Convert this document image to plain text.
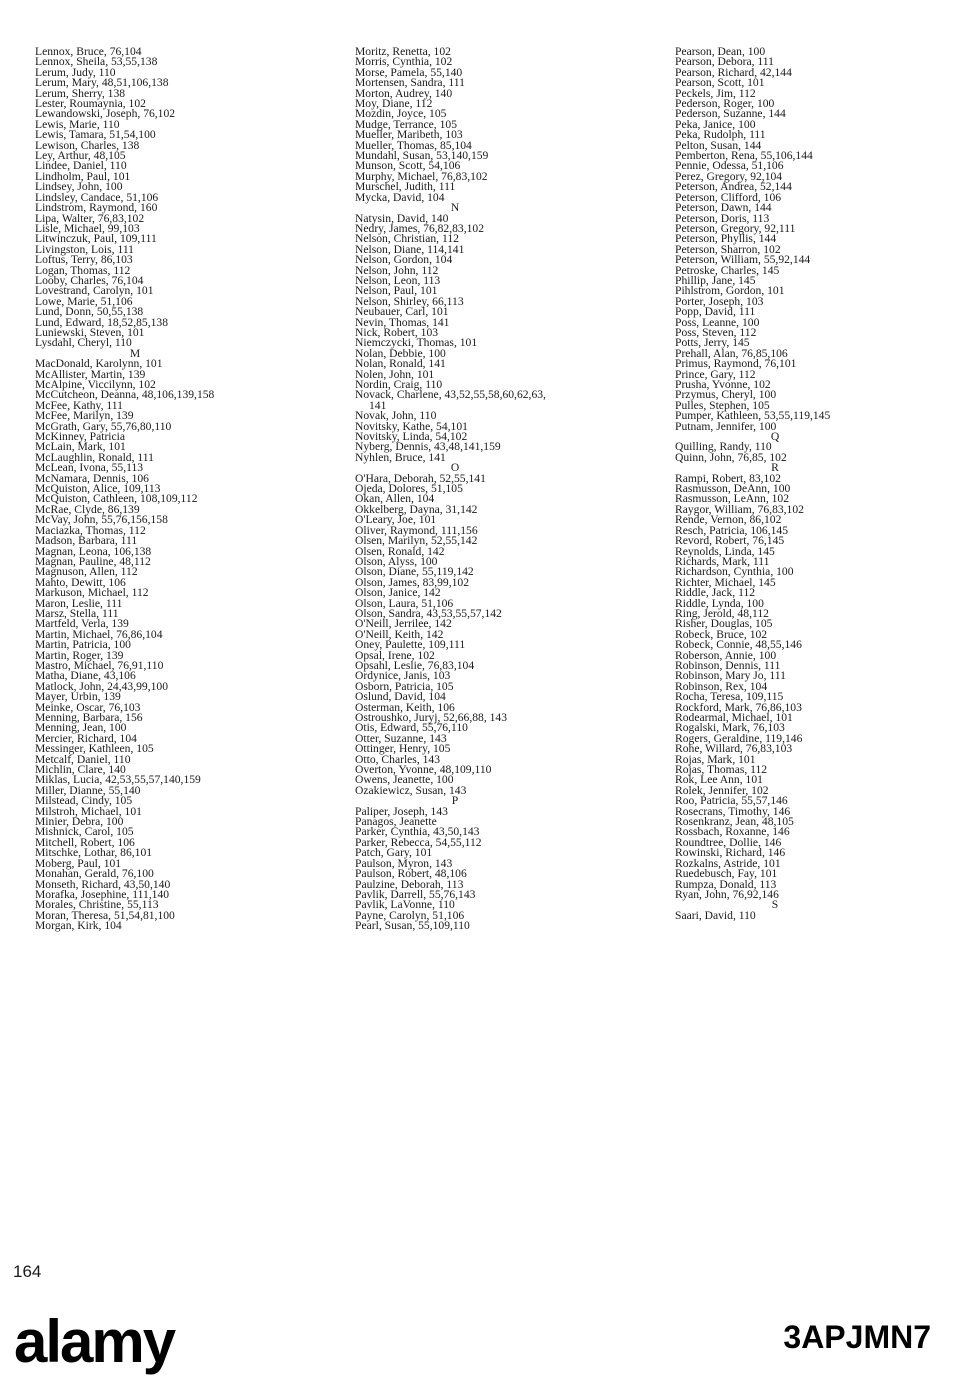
Lennox, Bruce, 76,104
Lennox, Sheila, 53,55,138
Lerum, Judy, 110
Lerum, Mary, 48,51,106,138
Lerum, Sherry, 138
Lester, Roumaynia, 102
Lewandowski, Joseph, 76,102
Lewis, Marie, 110
Lewis, Tamara, 51,54,100
Lewison, Charles, 138
Ley, Arthur, 48,105
Lindee, Daniel, 110
Lindholm, Paul, 101
Lindsey, John, 100
Lindsley, Candace, 51,106
Lindstrom, Raymond, 160
Lipa, Walter, 76,83,102
Lisle, Michael, 99,103
Litwinczuk, Paul, 109,111
Livingston, Lois, 111
Loftus, Terry, 86,103
Logan, Thomas, 112
Looby, Charles, 76,104
Lovestrand, Carolyn, 101
Lowe, Marie, 51,106
Lund, Donn, 50,55,138
Lund, Edward, 18,52,85,138
Luniewski, Steven, 101
Lysdahl, Cheryl, 110
M
MacDonald, Karolynn, 101
McAllister, Martin, 139
McAlpine, Viccilynn, 102
McCutcheon, Deanna, 48,106,139,158
McFee, Kathy, 111
McFee, Marilyn, 139
McGrath, Gary, 55,76,80,110
McKinney, Patricia
McLain, Mark, 101
McLaughlin, Ronald, 111
McLean, Ivona, 55,113
McNamara, Dennis, 106
McQuiston, Alice, 109,113
McQuiston, Cathleen, 108,109,112
McRae, Clyde, 86,139
McVay, John, 55,76,156,158
Maciazka, Thomas, 112
Madson, Barbara, 111
Magnan, Leona, 106,138
Magnan, Pauline, 48,112
Magnuson, Allen, 112
Mahto, Dewitt, 106
Markuson, Michael, 112
Maron, Leslie, 111
Marsz, Stella, 111
Martfeld, Verla, 139
Martin, Michael, 76,86,104
Martin, Patricia, 100
Martin, Roger, 139
Mastro, Michael, 76,91,110
Matha, Diane, 43,106
Matlock, John, 24,43,99,100
Mayer, Urbin, 139
Meinke, Oscar, 76,103
Menning, Barbara, 156
Menning, Jean, 100
Mercier, Richard, 104
Messinger, Kathleen, 105
Metcalf, Daniel, 110
Michlin, Clare, 140
Miklas, Lucia, 42,53,55,57,140,159
Miller, Dianne, 55,140
Milstead, Cindy, 105
Milstroh, Michael, 101
Minier, Debra, 100
Mishnick, Carol, 105
Mitchell, Robert, 106
Mitschke, Lothar, 86,101
Moberg, Paul, 101
Monahan, Gerald, 76,100
Monseth, Richard, 43,50,140
Morafka, Josephine, 111,140
Morales, Christine, 55,113
Moran, Theresa, 51,54,81,100
Morgan, Kirk, 104
Moritz, Renetta, 102
Morris, Cynthia, 102
Morse, Pamela, 55,140
Mortensen, Sandra, 111
Morton, Audrey, 140
Moy, Diane, 112
Mozdin, Joyce, 105
Mudge, Terrance, 105
Mueller, Maribeth, 103
Mueller, Thomas, 85,104
Mundahl, Susan, 53,140,159
Munson, Scott, 54,106
Murphy, Michael, 76,83,102
Murschel, Judith, 111
Mycka, David, 104
N
Natysin, David, 140
Nedry, James, 76,82,83,102
Nelson, Christian, 112
Nelson, Diane, 114,141
Nelson, Gordon, 104
Nelson, John, 112
Nelson, Leon, 113
Nelson, Paul, 101
Nelson, Shirley, 66,113
Neubauer, Carl, 101
Nevin, Thomas, 141
Nick, Robert, 103
Niemczycki, Thomas, 101
Nolan, Debbie, 100
Nolan, Ronald, 141
Nolen, John, 101
Nordin, Craig, 110
Novack, Charlene, 43,52,55,58,60,62,63,
141
Novak, John, 110
Novitsky, Kathe, 54,101
Novitsky, Linda, 54,102
Nyberg, Dennis, 43,48,141,159
Nyhlen, Bruce, 141
O
O'Hara, Deborah, 52,55,141
Ojeda, Dolores, 51,105
Okan, Allen, 104
Okkelberg, Dayna, 31,142
O'Leary, Joe, 101
Oliver, Raymond, 111,156
Olsen, Marilyn, 52,55,142
Olsen, Ronald, 142
Olson, Alyss, 100
Olson, Diane, 55,119,142
Olson, James, 83,99,102
Olson, Janice, 142
Olson, Laura, 51,106
Olson, Sandra, 43,53,55,57,142
O'Neill, Jerrilee, 142
O'Neill, Keith, 142
Oney, Paulette, 109,111
Opsal, Irene, 102
Opsahl, Leslie, 76,83,104
Ordynice, Janis, 103
Osborn, Patricia, 105
Oslund, David, 104
Osterman, Keith, 106
Ostroushko, Juryj, 52,66,88, 143
Otis, Edward, 55,76,110
Otter, Suzanne, 143
Ottinger, Henry, 105
Otto, Charles, 143
Overton, Yvonne, 48,109,110
Owens, Jeanette, 100
Ozakiewicz, Susan, 143
P
Paliper, Joseph, 143
Panagos, Jeanette
Parker, Cynthia, 43,50,143
Parker, Rebecca, 54,55,112
Patch, Gary, 101
Paulson, Myron, 143
Paulson, Robert, 48,106
Paulzine, Deborah, 113
Pavlik, Darrell, 55,76,143
Pavlik, LaVonne, 110
Payne, Carolyn, 51,106
Pearl, Susan, 55,109,110
Pearson, Dean, 100
Pearson, Debora, 111
Pearson, Richard, 42,144
Pearson, Scott, 101
Peckels, Jim, 112
Pederson, Roger, 100
Pederson, Suzanne, 144
Peka, Janice, 100
Peka, Rudolph, 111
Pelton, Susan, 144
Pemberton, Rena, 55,106,144
Pennie, Odessa, 51,106
Perez, Gregory, 92,104
Peterson, Andrea, 52,144
Peterson, Clifford, 106
Peterson, Dawn, 144
Peterson, Doris, 113
Peterson, Gregory, 92,111
Peterson, Phyllis, 144
Peterson, Sharron, 102
Peterson, William, 55,92,144
Petroske, Charles, 145
Phillip, Jane, 145
Pihlstrom, Gordon, 101
Porter, Joseph, 103
Popp, David, 111
Poss, Leanne, 100
Poss, Steven, 112
Potts, Jerry, 145
Prehall, Alan, 76,85,106
Primus, Raymond, 76,101
Prince, Gary, 112
Prusha, Yvonne, 102
Przymus, Cheryl, 100
Pulles, Stephen, 105
Pumper, Kathleen, 53,55,119,145
Putnam, Jennifer, 100
Q
Quilling, Randy, 110
Quinn, John, 76,85, 102
R
Rampi, Robert, 83,102
Rasmusson, DeAnn, 100
Rasmusson, LeAnn, 102
Raygor, William, 76,83,102
Rende, Vernon, 86,102
Resch, Patricia, 106,145
Revord, Robert, 76,145
Reynolds, Linda, 145
Richards, Mark, 111
Richardson, Cynthia, 100
Richter, Michael, 145
Riddle, Jack, 112
Riddle, Lynda, 100
Ring, Jerold, 48,112
Risher, Douglas, 105
Robeck, Bruce, 102
Robeck, Connie, 48,55,146
Roberson, Annie, 100
Robinson, Dennis, 111
Robinson, Mary Jo, 111
Robinson, Rex, 104
Rocha, Teresa, 109,115
Rockford, Mark, 76,86,103
Rodearmal, Michael, 101
Rogalski, Mark, 76,103
Rogers, Geraldine, 119,146
Rohe, Willard, 76,83,103
Rojas, Mark, 101
Rojas, Thomas, 112
Rok, Lee Ann, 101
Rolek, Jennifer, 102
Roo, Patricia, 55,57,146
Rosecrans, Timothy, 146
Rosenkranz, Jean, 48,105
Rossbach, Roxanne, 146
Roundtree, Dollie, 146
Rowinski, Richard, 146
Rozkalns, Astride, 101
Ruedebusch, Fay, 101
Rumpza, Donald, 113
Ryan, John, 76,92,146
S
Saari, David, 110
164
alamy	3APJMN7
